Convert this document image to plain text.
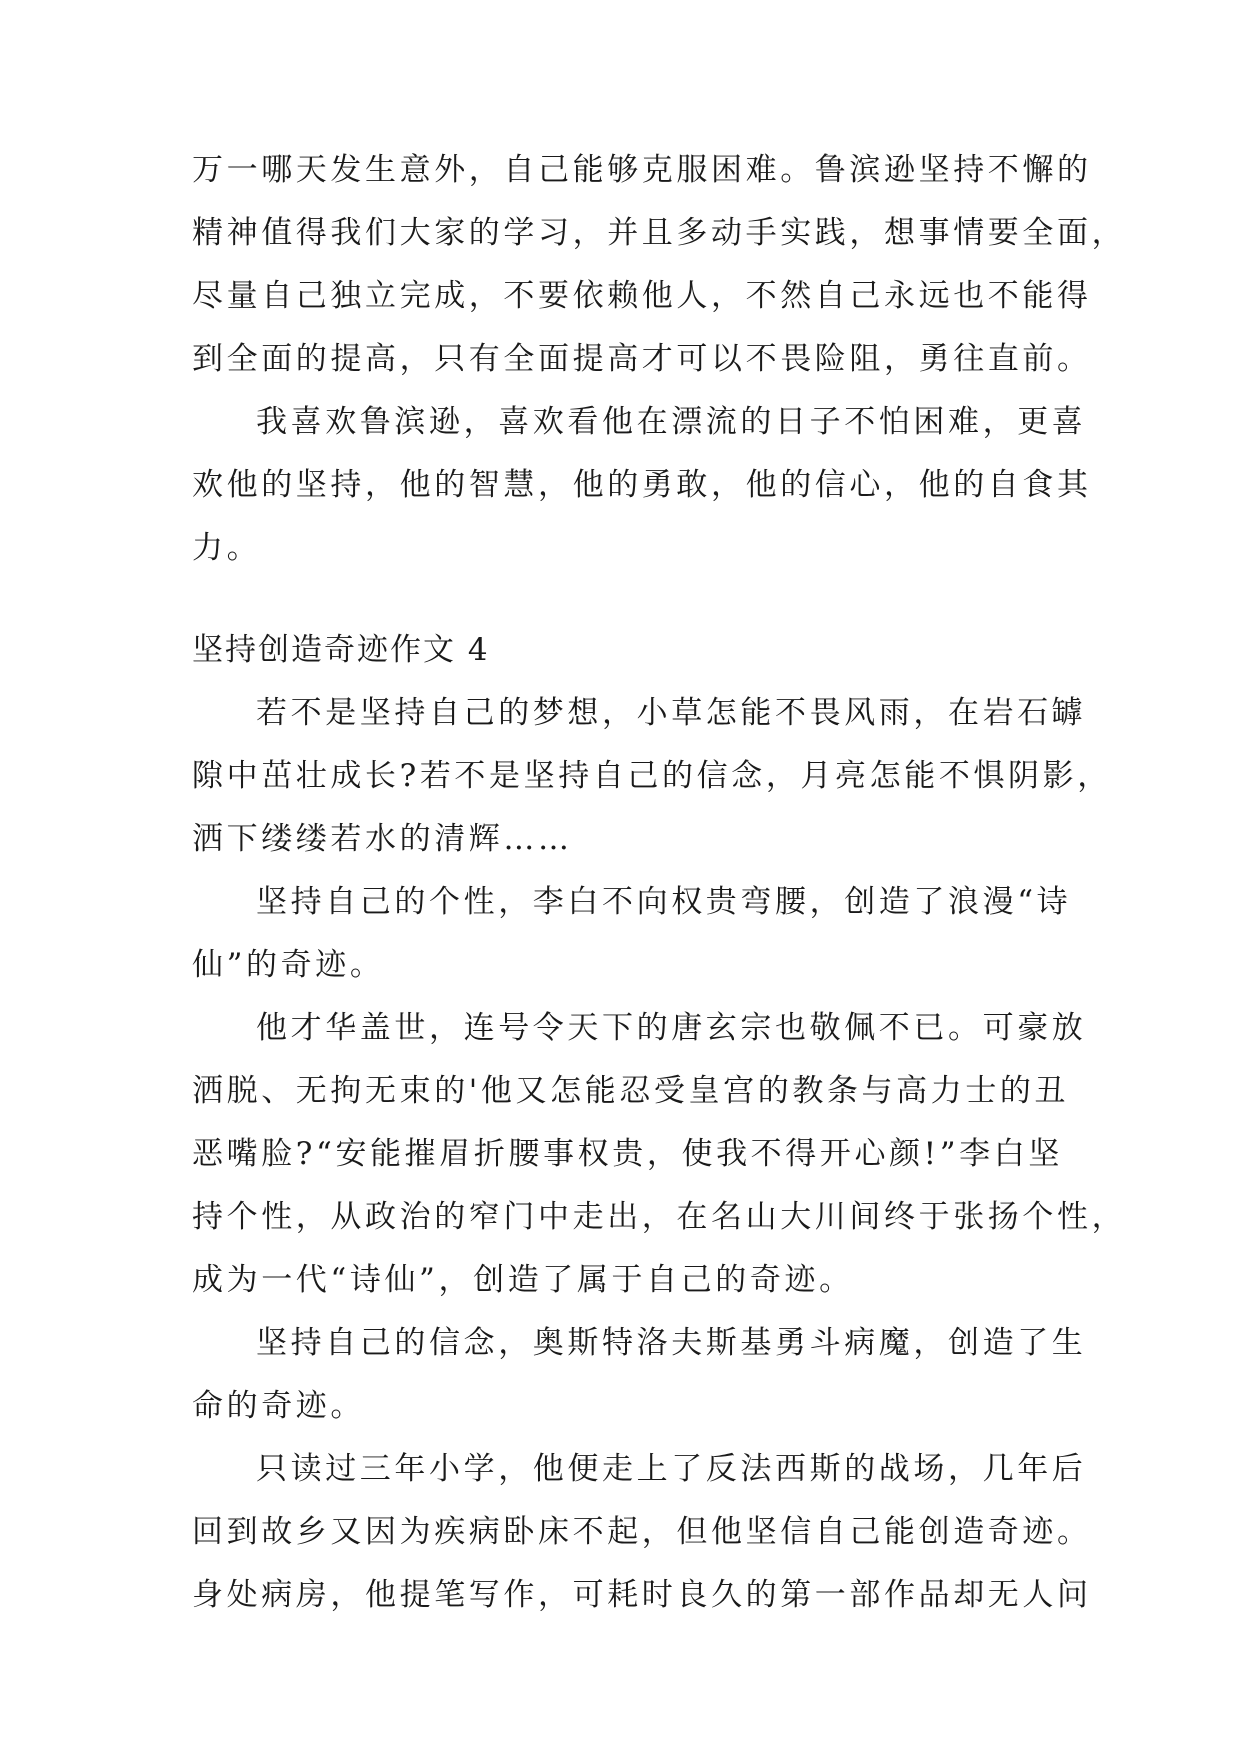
万一哪天发生意外，自己能够克服困难。鲁滨逊坚持不懈的
精神值得我们大家的学习，并且多动手实践，想事情要全面，
尽量自己独立完成，不要依赖他人，不然自己永远也不能得
到全面的提高，只有全面提高才可以不畏险阻，勇往直前。
我喜欢鲁滨逊，喜欢看他在漂流的日子不怕困难，更喜
欢他的坚持，他的智慧，他的勇敢，他的信心，他的自食其
力。
坚持创造奇迹作文 4
若不是坚持自己的梦想，小草怎能不畏风雨，在岩石罅
隙中茁壮成长?若不是坚持自己的信念，月亮怎能不惧阴影，
洒下缕缕若水的清辉……
坚持自己的个性，李白不向权贵弯腰，创造了浪漫“诗
仙”的奇迹。
他才华盖世，连号令天下的唐玄宗也敬佩不已。可豪放
洒脱、无拘无束的'他又怎能忍受皇宫的教条与高力士的丑
恶嘴脸?“安能摧眉折腰事权贵，使我不得开心颜!”李白坚
持个性，从政治的窄门中走出，在名山大川间终于张扬个性，
成为一代“诗仙”，创造了属于自己的奇迹。
坚持自己的信念，奥斯特洛夫斯基勇斗病魔，创造了生
命的奇迹。
只读过三年小学，他便走上了反法西斯的战场，几年后
回到故乡又因为疾病卧床不起，但他坚信自己能创造奇迹。
身处病房，他提笔写作，可耗时良久的第一部作品却无人问
